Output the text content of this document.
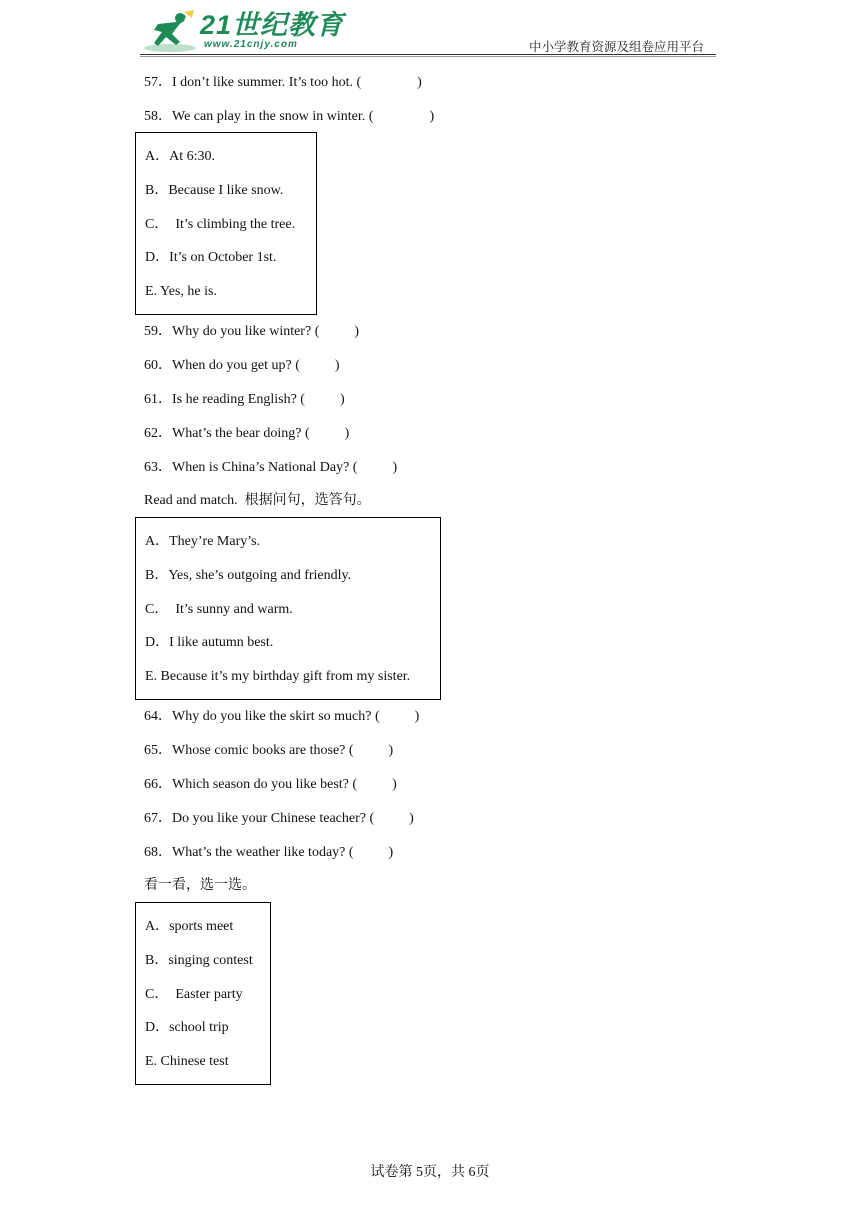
21世纪教育
www.21cnjy.com	中小学教育资源及组卷应用平台
57．I don’t like summer. It’s too hot. (                )
58．We can play in the snow in winter. (                )
A．At 6:30.
B．Because I like snow.
C．  It’s climbing the tree.
D．It’s on October 1st.
E. Yes, he is.
59．Why do you like winter? (          )
60．When do you get up? (          )
61．Is he reading English? (          )
62．What’s the bear doing? (          )
63．When is China’s National Day? (          )
Read and match.  根据问句，选答句。
A．They’re Mary’s.
B．Yes, she’s outgoing and friendly.
C．  It’s sunny and warm.
D．I like autumn best.
E. Because it’s my birthday gift from my sister.
64．Why do you like the skirt so much? (          )
65．Whose comic books are those? (          )
66．Which season do you like best? (          )
67．Do you like your Chinese teacher? (          )
68．What’s the weather like today? (          )
看一看，选一选。
A．sports meet
B．singing contest
C．  Easter party
D．school trip
E. Chinese test
试卷第 5页，共 6页
